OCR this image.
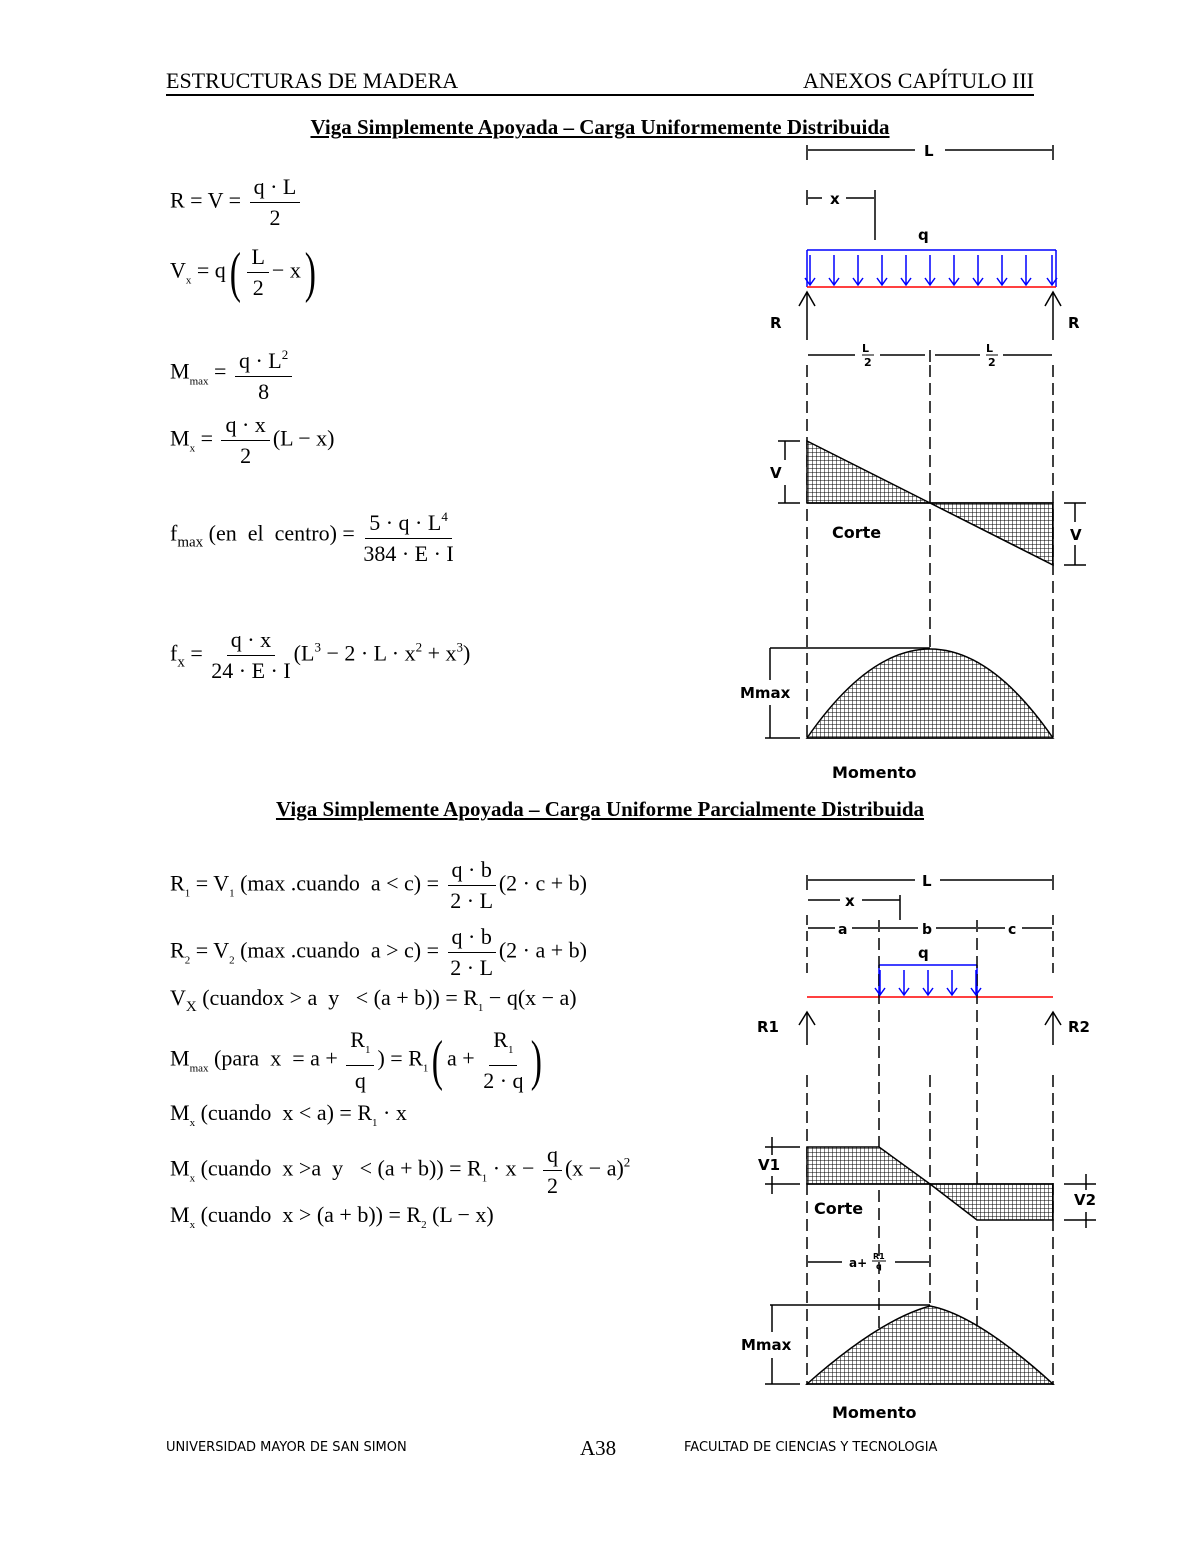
ESTRUCTURAS DE MADERA	ANEXOS CAPÍTULO III
Viga Simplemente Apoyada – Carga Uniformemente Distribuida
$R = V = \frac{q \cdot L}{2}$
$V_x = q( \frac{L}{2} - x)$
$M_{max} = \frac{q \cdot L^2}{8}$
$M_x = \frac{q \cdot x}{2} (L - x)$
$f_{max}$ (en  el  centro) = $\frac{5 \cdot q \cdot L^4}{384 \cdot E \cdot I}$
$f_x = \frac{q \cdot x}{24 \cdot E \cdot I} (L^3 - 2 \cdot L \cdot x^2 + x^3)$
Viga Simplemente Apoyada – Carga Uniforme Parcialmente Distribuida
$R_1 = V_1$ (max .cuando  $a < c) = \frac{q \cdot b}{2 \cdot L} (2 \cdot c + b)$
$R_2 = V_2$ (max .cuando  $a > c) = \frac{q \cdot b}{2 \cdot L} (2 \cdot a + b)$
$V_X$ (cuandox > a  $y < (a + b)) = R_1 - q(x - a)$
$M_{max}$ (para  $x = a + \frac{R_1}{q}$ ) = $R_1$( $a + \frac{R_1}{2 \cdot q}$ )
$M_x$ (cuando  $x < a) = R_1 \cdot x$
$M_x$ (cuando  x >a  $y < (a + b)) = R_1 \cdot x - \frac{q}{2} (x - a)^2$
$M_x$ (cuando  $x > (a + b)) = R_2$ (L − x)
L
x
q
R	R
L	L
V
V
Corte
Mmax
Momento
2	2
L
x
a	b	c
q
R1	R2
V1
V2
Corte
a+
Mmax
Momento
R1
q
UNIVERSIDAD MAYOR DE SAN SIMON	A38	FACULTAD DE CIENCIAS Y TECNOLOGIA
